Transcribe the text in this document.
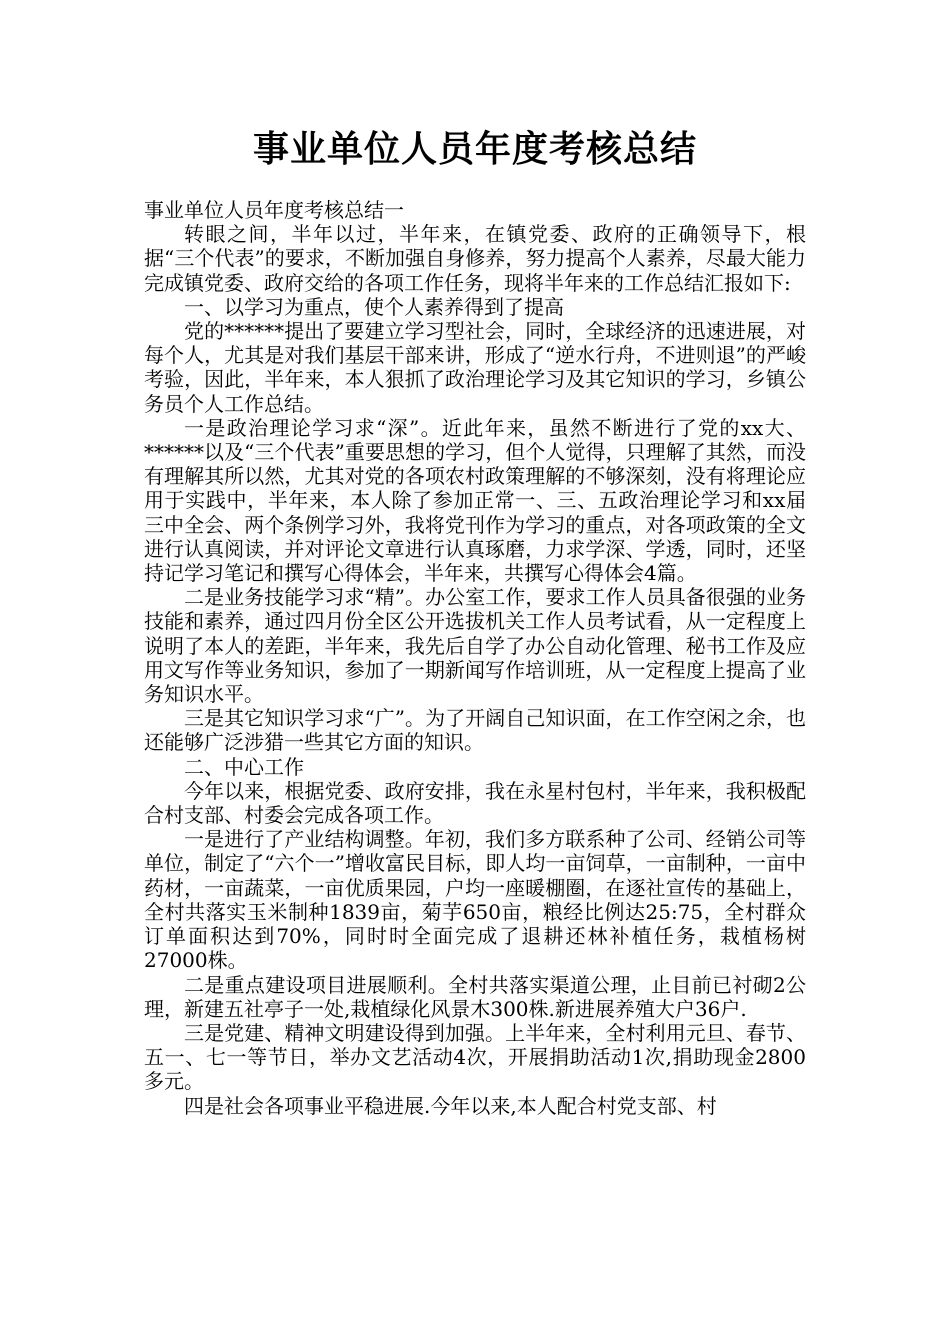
事业单位人员年度考核总结

事业单位人员年度考核总结一

转眼之间，半年以过，半年来，在镇党委、政府的正确领导下，根据“三个代表”的要求，不断加强自身修养，努力提高个人素养，尽最大能力完成镇党委、政府交给的各项工作任务，现将半年来的工作总结汇报如下:

一、以学习为重点，使个人素养得到了提高

党的******提出了要建立学习型社会，同时，全球经济的迅速进展，对每个人，尤其是对我们基层干部来讲，形成了“逆水行舟，不进则退”的严峻考验，因此，半年来，本人狠抓了政治理论学习及其它知识的学习，乡镇公务员个人工作总结。

一是政治理论学习求“深”。近此年来，虽然不断进行了党的xx大、******以及“三个代表”重要思想的学习，但个人觉得，只理解了其然，而没有理解其所以然，尤其对党的各项农村政策理解的不够深刻，没有将理论应用于实践中，半年来，本人除了参加正常一、三、五政治理论学习和xx届三中全会、两个条例学习外，我将党刊作为学习的重点，对各项政策的全文进行认真阅读，并对评论文章进行认真琢磨，力求学深、学透，同时，还坚持记学习笔记和撰写心得体会，半年来，共撰写心得体会4篇。

二是业务技能学习求“精”。办公室工作，要求工作人员具备很强的业务技能和素养，通过四月份全区公开选拔机关工作人员考试看，从一定程度上说明了本人的差距，半年来，我先后自学了办公自动化管理、秘书工作及应用文写作等业务知识，参加了一期新闻写作培训班，从一定程度上提高了业务知识水平。

三是其它知识学习求“广”。为了开阔自己知识面，在工作空闲之余，也还能够广泛涉猎一些其它方面的知识。

二、中心工作

今年以来，根据党委、政府安排，我在永星村包村，半年来，我积极配合村支部、村委会完成各项工作。

一是进行了产业结构调整。年初，我们多方联系种了公司、经销公司等单位，制定了“六个一”增收富民目标，即人均一亩饲草，一亩制种，一亩中药材，一亩蔬菜，一亩优质果园，户均一座暖棚圈，在逐社宣传的基础上，全村共落实玉米制种1839亩，菊芋650亩，粮经比例达25:75，全村群众订单面积达到70%，同时时全面完成了退耕还林补植任务，栽植杨树27000株。

二是重点建设项目进展顺利。全村共落实渠道公理，止目前已衬砌2公理，新建五社亭子一处,栽植绿化风景木300株.新进展养殖大户36户.

三是党建、精神文明建设得到加强。上半年来，全村利用元旦、春节、五一、七一等节日，举办文艺活动4次，开展捐助活动1次,捐助现金2800多元。

四是社会各项事业平稳进展.今年以来,本人配合村党支部、村
